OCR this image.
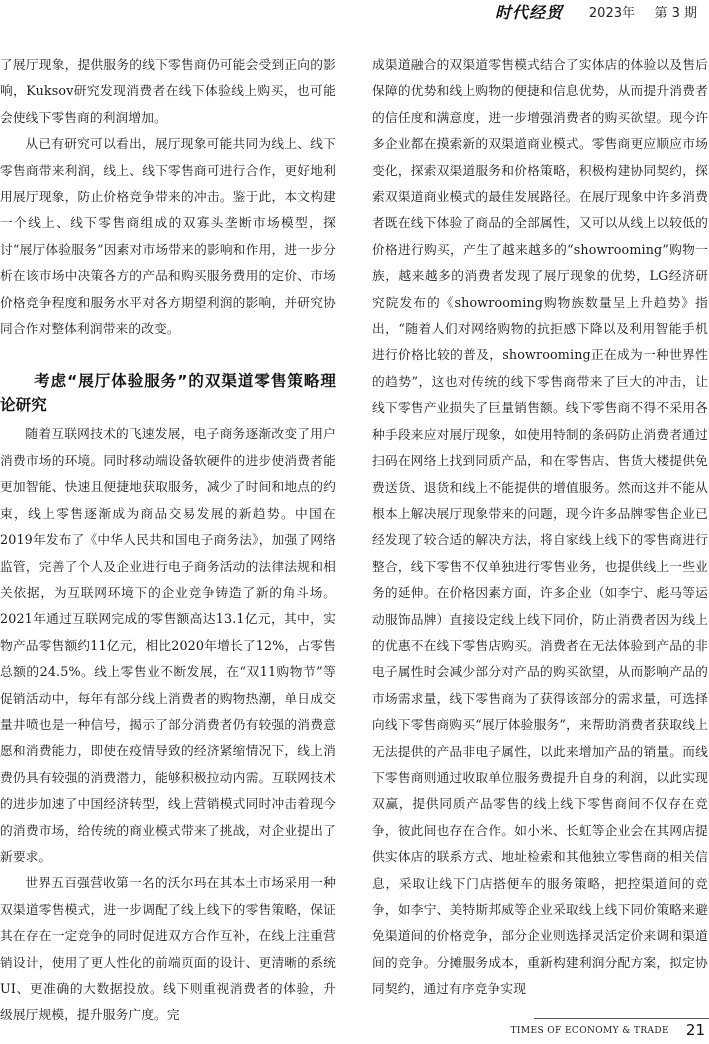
时代经贸 2023年 第 3 期

了展厅现象，提供服务的线下零售商仍可能会受到正向的影响，Kuksov研究发现消费者在线下体验线上购买，也可能会使线下零售商的利润增加。

从已有研究可以看出，展厅现象可能共同为线上、线下零售商带来利润，线上、线下零售商可进行合作，更好地利用展厅现象，防止价格竞争带来的冲击。鉴于此，本文构建一个线上、线下零售商组成的双寡头垄断市场模型，探讨“展厅体验服务”因素对市场带来的影响和作用，进一步分析在该市场中决策各方的产品和购买服务费用的定价、市场价格竞争程度和服务水平对各方期望利润的影响，并研究协同合作对整体利润带来的改变。

考虑“展厅体验服务”的双渠道零售策略理论研究

随着互联网技术的飞速发展，电子商务逐渐改变了用户消费市场的环境。同时移动端设备软硬件的进步使消费者能更加智能、快速且便捷地获取服务，减少了时间和地点的约束，线上零售逐渐成为商品交易发展的新趋势。中国在2019年发布了《中华人民共和国电子商务法》，加强了网络监管，完善了个人及企业进行电子商务活动的法律法规和相关依据，为互联网环境下的企业竞争铸造了新的角斗场。2021年通过互联网完成的零售额高达13.1亿元，其中，实物产品零售额约11亿元，相比2020年增长了12%，占零售总额的24.5%。线上零售业不断发展，在“双11购物节”等促销活动中，每年有部分线上消费者的购物热潮，单日成交量井喷也是一种信号，揭示了部分消费者仍有较强的消费意愿和消费能力，即使在疫情导致的经济紧缩情况下，线上消费仍具有较强的消费潜力，能够积极拉动内需。互联网技术的进步加速了中国经济转型，线上营销模式同时冲击着现今的消费市场，给传统的商业模式带来了挑战，对企业提出了新要求。

世界五百强营收第一名的沃尔玛在其本土市场采用一种双渠道零售模式，进一步调配了线上线下的零售策略，保证其在存在一定竞争的同时促进双方合作互补，在线上注重营销设计，使用了更人性化的前端页面的设计、更清晰的系统UI、更准确的大数据投放。线下则重视消费者的体验，升级展厅规模，提升服务广度。完

成渠道融合的双渠道零售模式结合了实体店的体验以及售后保障的优势和线上购物的便捷和信息优势，从而提升消费者的信任度和满意度，进一步增强消费者的购买欲望。现今许多企业都在摸索新的双渠道商业模式。零售商更应顺应市场变化，探索双渠道服务和价格策略，积极构建协同契约，探索双渠道商业模式的最佳发展路径。在展厅现象中许多消费者既在线下体验了商品的全部属性，又可以从线上以较低的价格进行购买，产生了越来越多的“showrooming”购物一族，越来越多的消费者发现了展厅现象的优势，LG经济研究院发布的《showrooming购物族数量呈上升趋势》指出，“随着人们对网络购物的抗拒感下降以及利用智能手机进行价格比较的普及，showrooming正在成为一种世界性的趋势”，这也对传统的线下零售商带来了巨大的冲击，让线下零售产业损失了巨量销售额。线下零售商不得不采用各种手段来应对展厅现象，如使用特制的条码防止消费者通过扫码在网络上找到同质产品，和在零售店、售货大楼提供免费送货、退货和线上不能提供的增值服务。然而这并不能从根本上解决展厅现象带来的问题，现今许多品牌零售企业已经发现了较合适的解决方法，将自家线上线下的零售商进行整合，线下零售不仅单独进行零售业务，也提供线上一些业务的延伸。在价格因素方面，许多企业（如李宁、彪马等运动服饰品牌）直接设定线上线下同价，防止消费者因为线上的优惠不在线下零售店购买。消费者在无法体验到产品的非电子属性时会减少部分对产品的购买欲望，从而影响产品的市场需求量，线下零售商为了获得该部分的需求量，可选择向线下零售商购买“展厅体验服务”，来帮助消费者获取线上无法提供的产品非电子属性，以此来增加产品的销量。而线下零售商则通过收取单位服务费提升自身的利润，以此实现双赢，提供同质产品零售的线上线下零售商间不仅存在竞争，彼此间也存在合作。如小米、长虹等企业会在其网店提供实体店的联系方式、地址检索和其他独立零售商的相关信息，采取让线下门店搭便车的服务策略，把控渠道间的竞争，如李宁、美特斯邦威等企业采取线上线下同价策略来避免渠道间的价格竞争，部分企业则选择灵活定价来调和渠道间的竞争。分摊服务成本，重新构建利润分配方案，拟定协同契约，通过有序竞争实现

TIMES OF ECONOMY & TRADE 21
